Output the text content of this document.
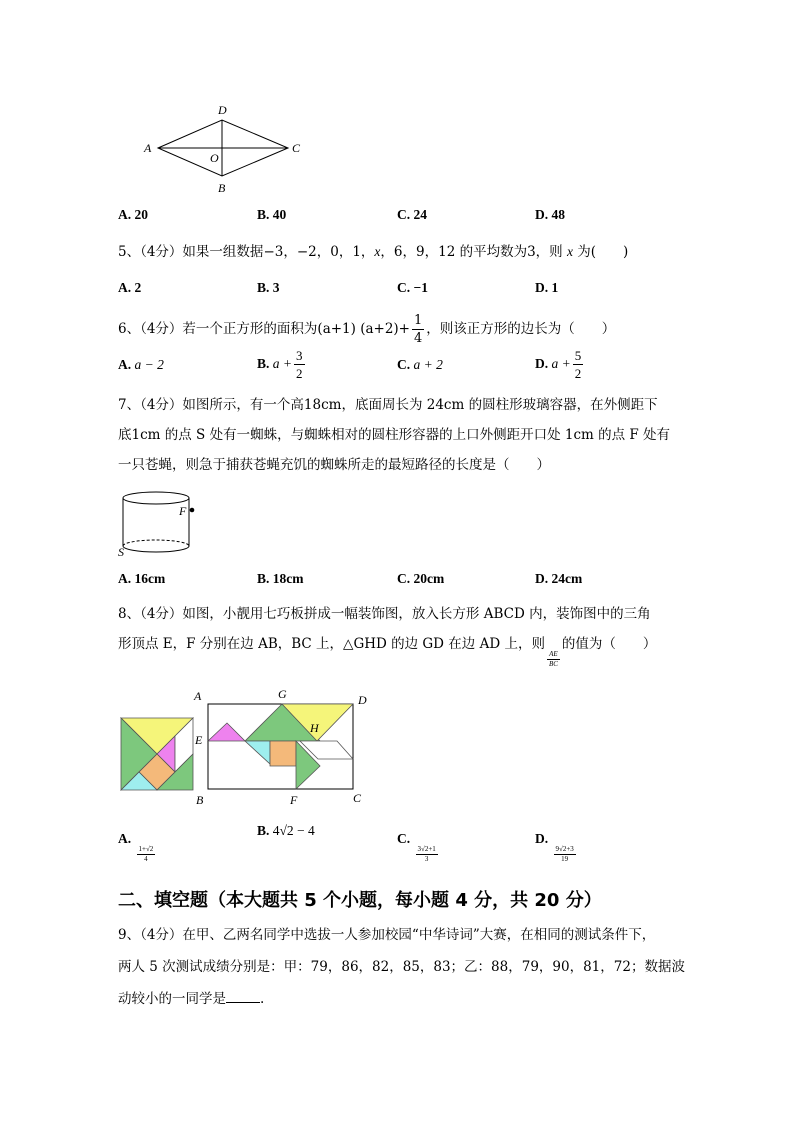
D
A	C
O
B
A. 20	B. 40	C. 24	D. 48
5、（4分）如果一组数据−3，−2，0，1，x，6，9，12 的平均数为3，则 x 为(　　)
A. 2	B. 3	C. −1	D. 1
6、（4分）若一个正方形的面积为(a+1) $(a+2)+ \frac{1}{4}$ ，则该正方形的边长为（　　）
A. a − 2	B. $a + \frac{3}{2}$	C. a + 2	D. $a + \frac{5}{2}$
7、（4分）如图所示，有一个高18cm，底面周长为 24cm 的圆柱形玻璃容器，在外侧距下
底1cm 的点 S 处有一蜘蛛，与蜘蛛相对的圆柱形容器的上口外侧距开口处 1cm 的点 F 处有
一只苍蝇，则急于捕获苍蝇充饥的蜘蛛所走的最短路径的长度是（　　）
F
S
A. 16cm	B. 18cm	C. 20cm	D. 24cm
8、（4分）如图，小靓用七巧板拼成一幅装饰图，放入长方形 ABCD 内，装饰图中的三角
形顶点 E，F 分别在边 AB，BC 上，△GHD 的边 GD 在边 AD 上，则
$\frac{AE}{BC}$
的值为（　　）
A	G	D
E
H
B	F	C
A.
$\frac{1+√2}{4}$
B. 4√2 − 4
C.
$\frac{3√2+1}{3}$
D.
$\frac{9√2+3}{19}$
二、填空题（本大题共 5 个小题，每小题 4 分，共 20 分）
9、（4分）在甲、乙两名同学中选拔一人参加校园“中华诗词”大赛，在相同的测试条件下，
两人 5 次测试成绩分别是：甲：79，86，82，85，83；乙：88，79，90，81，72；数据波
动较小的一同学是	.
